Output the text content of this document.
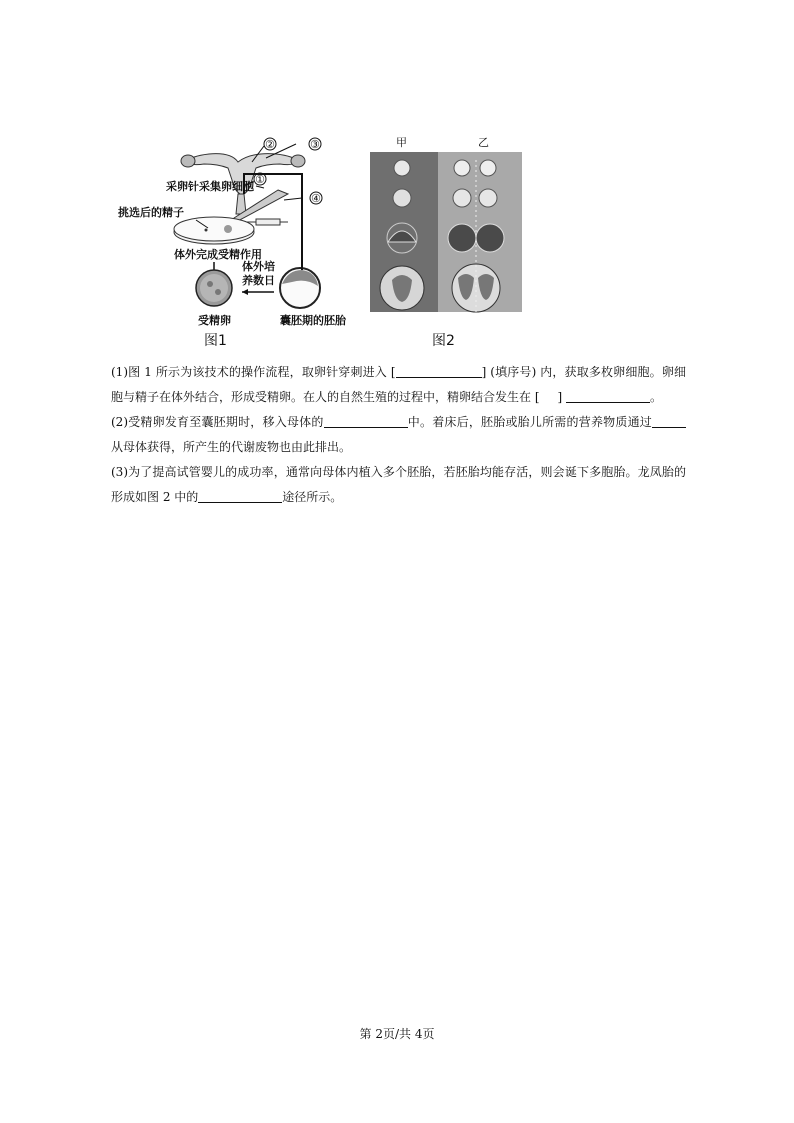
②	③
①
④
采卵针采集卵细胞
挑选后的精子
体外完成受精作用
体外培
养数日
受精卵	囊胚期的胚胎
图1
甲	乙
图2

(1)图 1 所示为该技术的操作流程，取卵针穿刺进入 [	] (填序号) 内，获取多枚卵细胞。卵细胞与精子在体外结合，形成受精卵。在人的自然生殖的过程中，精卵结合发生在 [ ]	。

(2)受精卵发育至囊胚期时，移入母体的	中。着床后，胚胎或胎儿所需的营养物质通过从母体获得，所产生的代谢废物也由此排出。

(3)为了提高试管婴儿的成功率，通常向母体内植入多个胚胎，若胚胎均能存活，则会诞下多胞胎。龙凤胎的形成如图 2 中的	途径所示。

第 2页/共 4页
